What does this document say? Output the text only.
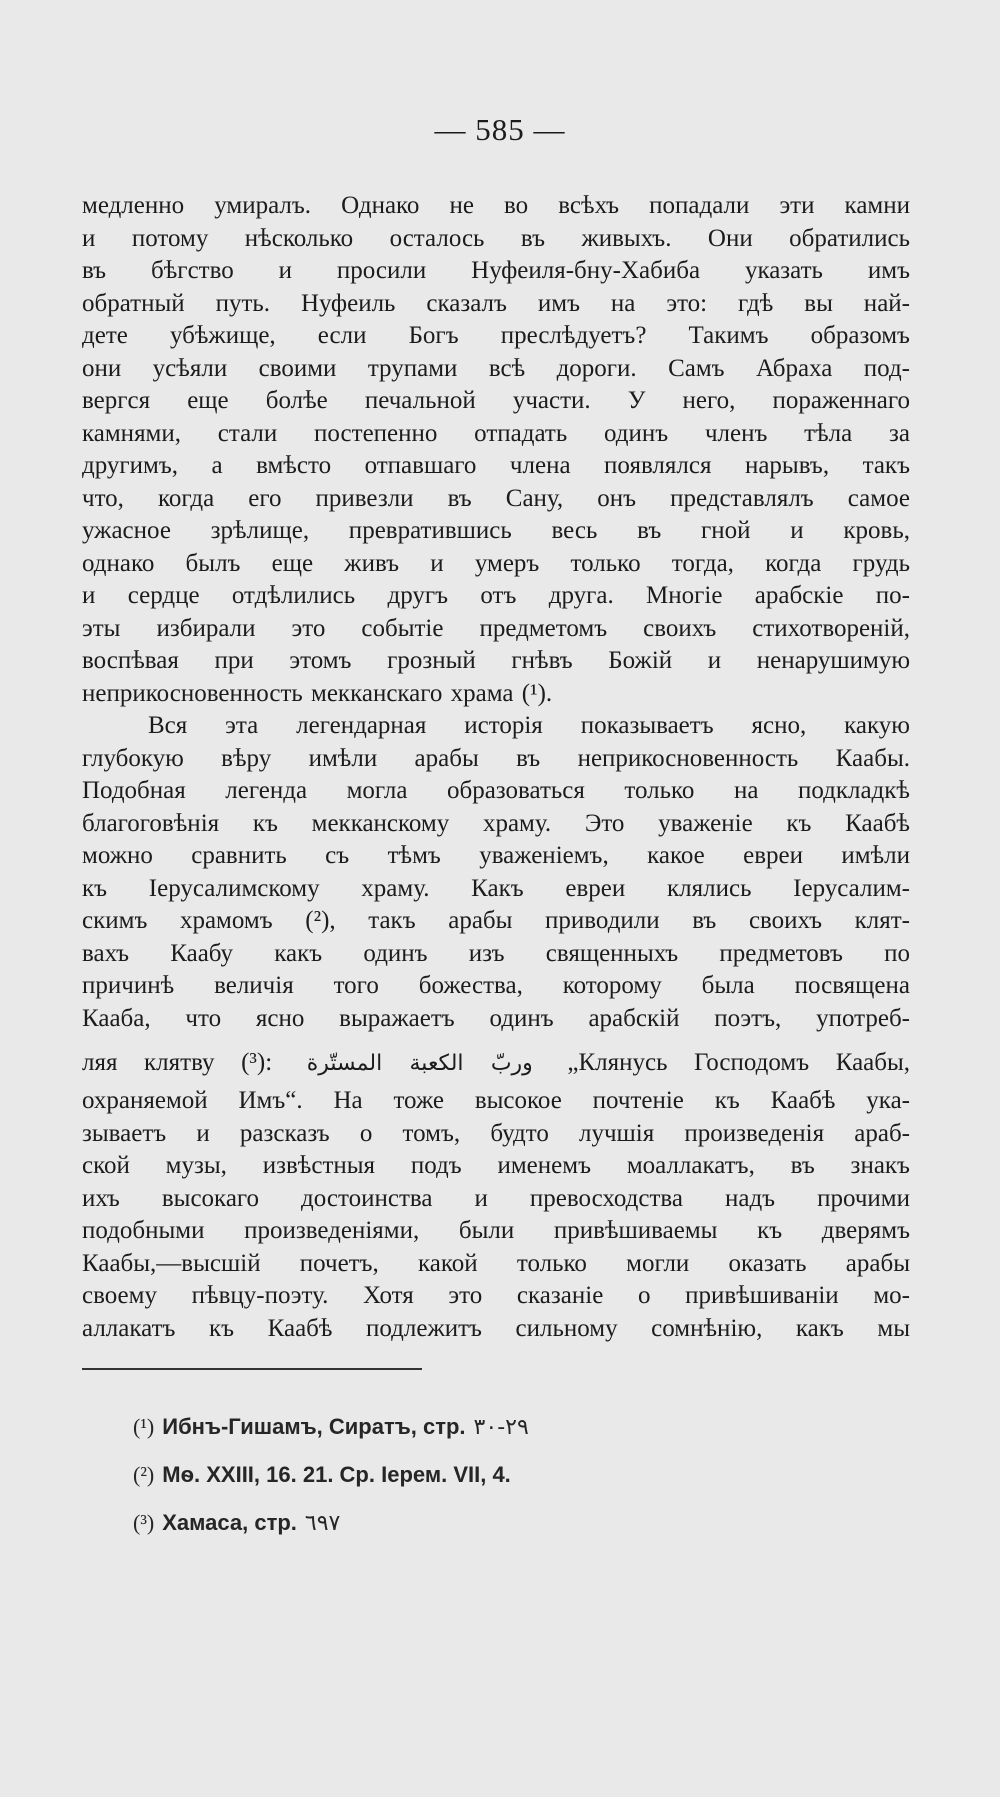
— 585 —
медленно умиралъ. Однако не во всѣхъ попадали эти камни
и потому нѣсколько осталось въ живыхъ. Они обратились
въ бѣгство и просили Нуфеиля-бну-Хабиба указать имъ
обратный путь. Нуфеиль сказалъ имъ на это: гдѣ вы най-
дете убѣжище, если Богъ преслѣдуетъ? Такимъ образомъ
они усѣяли своими трупами всѣ дороги. Самъ Абраха под-
вергся еще болѣе печальной участи. У него, пораженнаго
камнями, стали постепенно отпадать одинъ членъ тѣла за
другимъ, а вмѣсто отпавшаго члена появлялся нарывъ, такъ
что, когда его привезли въ Сану, онъ представлялъ самое
ужасное зрѣлище, превратившись весь въ гной и кровь,
однако былъ еще живъ и умеръ только тогда, когда грудь
и сердце отдѣлились другъ отъ друга. Многіе арабскіе по-
эты избирали это событіе предметомъ своихъ стихотвореній,
воспѣвая при этомъ грозный гнѣвъ Божій и ненарушимую
неприкосновенность мекканскаго храма (¹).
Вся эта легендарная исторія показываетъ ясно, какую
глубокую вѣру имѣли арабы въ неприкосновенность Каабы.
Подобная легенда могла образоваться только на подкладкѣ
благоговѣнія къ мекканскому храму. Это уваженіе къ Каабѣ
можно сравнить съ тѣмъ уваженіемъ, какое евреи имѣли
къ Іерусалимскому храму. Какъ евреи клялись Іерусалим-
скимъ храмомъ (²), такъ арабы приводили въ своихъ клят-
вахъ Каабу какъ одинъ изъ священныхъ предметовъ по
причинѣ величія того божества, которому была посвящена
Кааба, что ясно выражаетъ одинъ арабскій поэтъ, употреб-
ляя клятву (³): وربّ الكعبة المستّرة „Клянусь Господомъ Каабы,
охраняемой Имъ“. На тоже высокое почтеніе къ Каабѣ ука-
зываетъ и разсказъ о томъ, будто лучшія произведенія араб-
ской музы, извѣстныя подъ именемъ моаллакатъ, въ знакъ
ихъ высокаго достоинства и превосходства надъ прочими
подобными произведеніями, были привѣшиваемы къ дверямъ
Каабы,—высшій почетъ, какой только могли оказать арабы
своему пѣвцу-поэту. Хотя это сказаніе о привѣшиваніи мо-
аллакатъ къ Каабѣ подлежитъ сильному сомнѣнію, какъ мы
(¹) Ибнъ-Гишамъ, Сиратъ, стр. ٢٩-٣٠
(²) Мѳ. XXIII, 16. 21. Ср. Іерем. VII, 4.
(³) Хамаса, стр. ٦٩٧
